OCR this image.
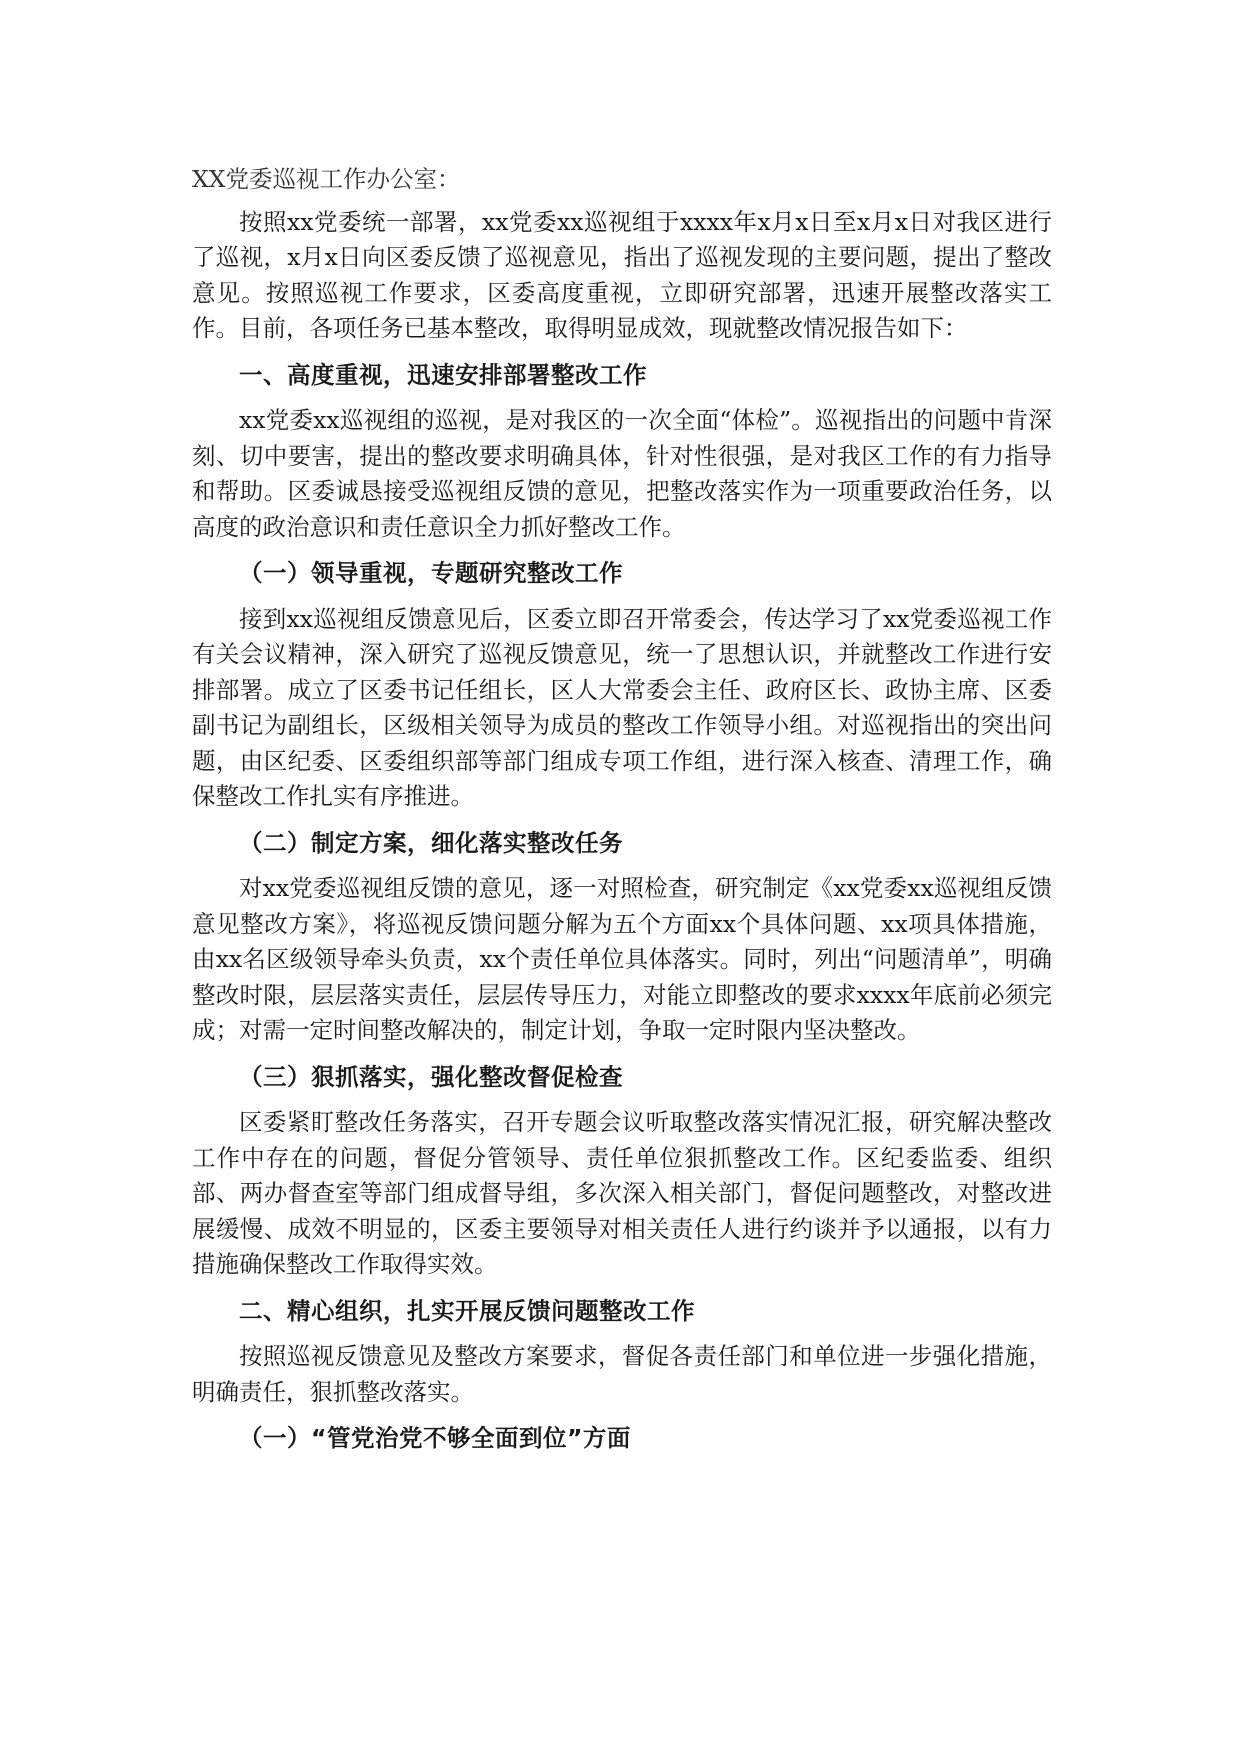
XX党委巡视工作办公室：

按照xx党委统一部署，xx党委xx巡视组于xxxx年x月x日至x月x日对我区进行了巡视，x月x日向区委反馈了巡视意见，指出了巡视发现的主要问题，提出了整改意见。按照巡视工作要求，区委高度重视，立即研究部署，迅速开展整改落实工作。目前，各项任务已基本整改，取得明显成效，现就整改情况报告如下：

一、高度重视，迅速安排部署整改工作

xx党委xx巡视组的巡视，是对我区的一次全面“体检”。巡视指出的问题中肯深刻、切中要害，提出的整改要求明确具体，针对性很强，是对我区工作的有力指导和帮助。区委诚恳接受巡视组反馈的意见，把整改落实作为一项重要政治任务，以高度的政治意识和责任意识全力抓好整改工作。

（一）领导重视，专题研究整改工作

接到xx巡视组反馈意见后，区委立即召开常委会，传达学习了xx党委巡视工作有关会议精神，深入研究了巡视反馈意见，统一了思想认识，并就整改工作进行安排部署。成立了区委书记任组长，区人大常委会主任、政府区长、政协主席、区委副书记为副组长，区级相关领导为成员的整改工作领导小组。对巡视指出的突出问题，由区纪委、区委组织部等部门组成专项工作组，进行深入核查、清理工作，确保整改工作扎实有序推进。

（二）制定方案，细化落实整改任务

对xx党委巡视组反馈的意见，逐一对照检查，研究制定《xx党委xx巡视组反馈意见整改方案》，将巡视反馈问题分解为五个方面xx个具体问题、xx项具体措施，由xx名区级领导牵头负责，xx个责任单位具体落实。同时，列出“问题清单”，明确整改时限，层层落实责任，层层传导压力，对能立即整改的要求xxxx年底前必须完成；对需一定时间整改解决的，制定计划，争取一定时限内坚决整改。

（三）狠抓落实，强化整改督促检查

区委紧盯整改任务落实，召开专题会议听取整改落实情况汇报，研究解决整改工作中存在的问题，督促分管领导、责任单位狠抓整改工作。区纪委监委、组织部、两办督查室等部门组成督导组，多次深入相关部门，督促问题整改，对整改进展缓慢、成效不明显的，区委主要领导对相关责任人进行约谈并予以通报，以有力措施确保整改工作取得实效。

二、精心组织，扎实开展反馈问题整改工作

按照巡视反馈意见及整改方案要求，督促各责任部门和单位进一步强化措施，明确责任，狠抓整改落实。

（一）“管党治党不够全面到位”方面
